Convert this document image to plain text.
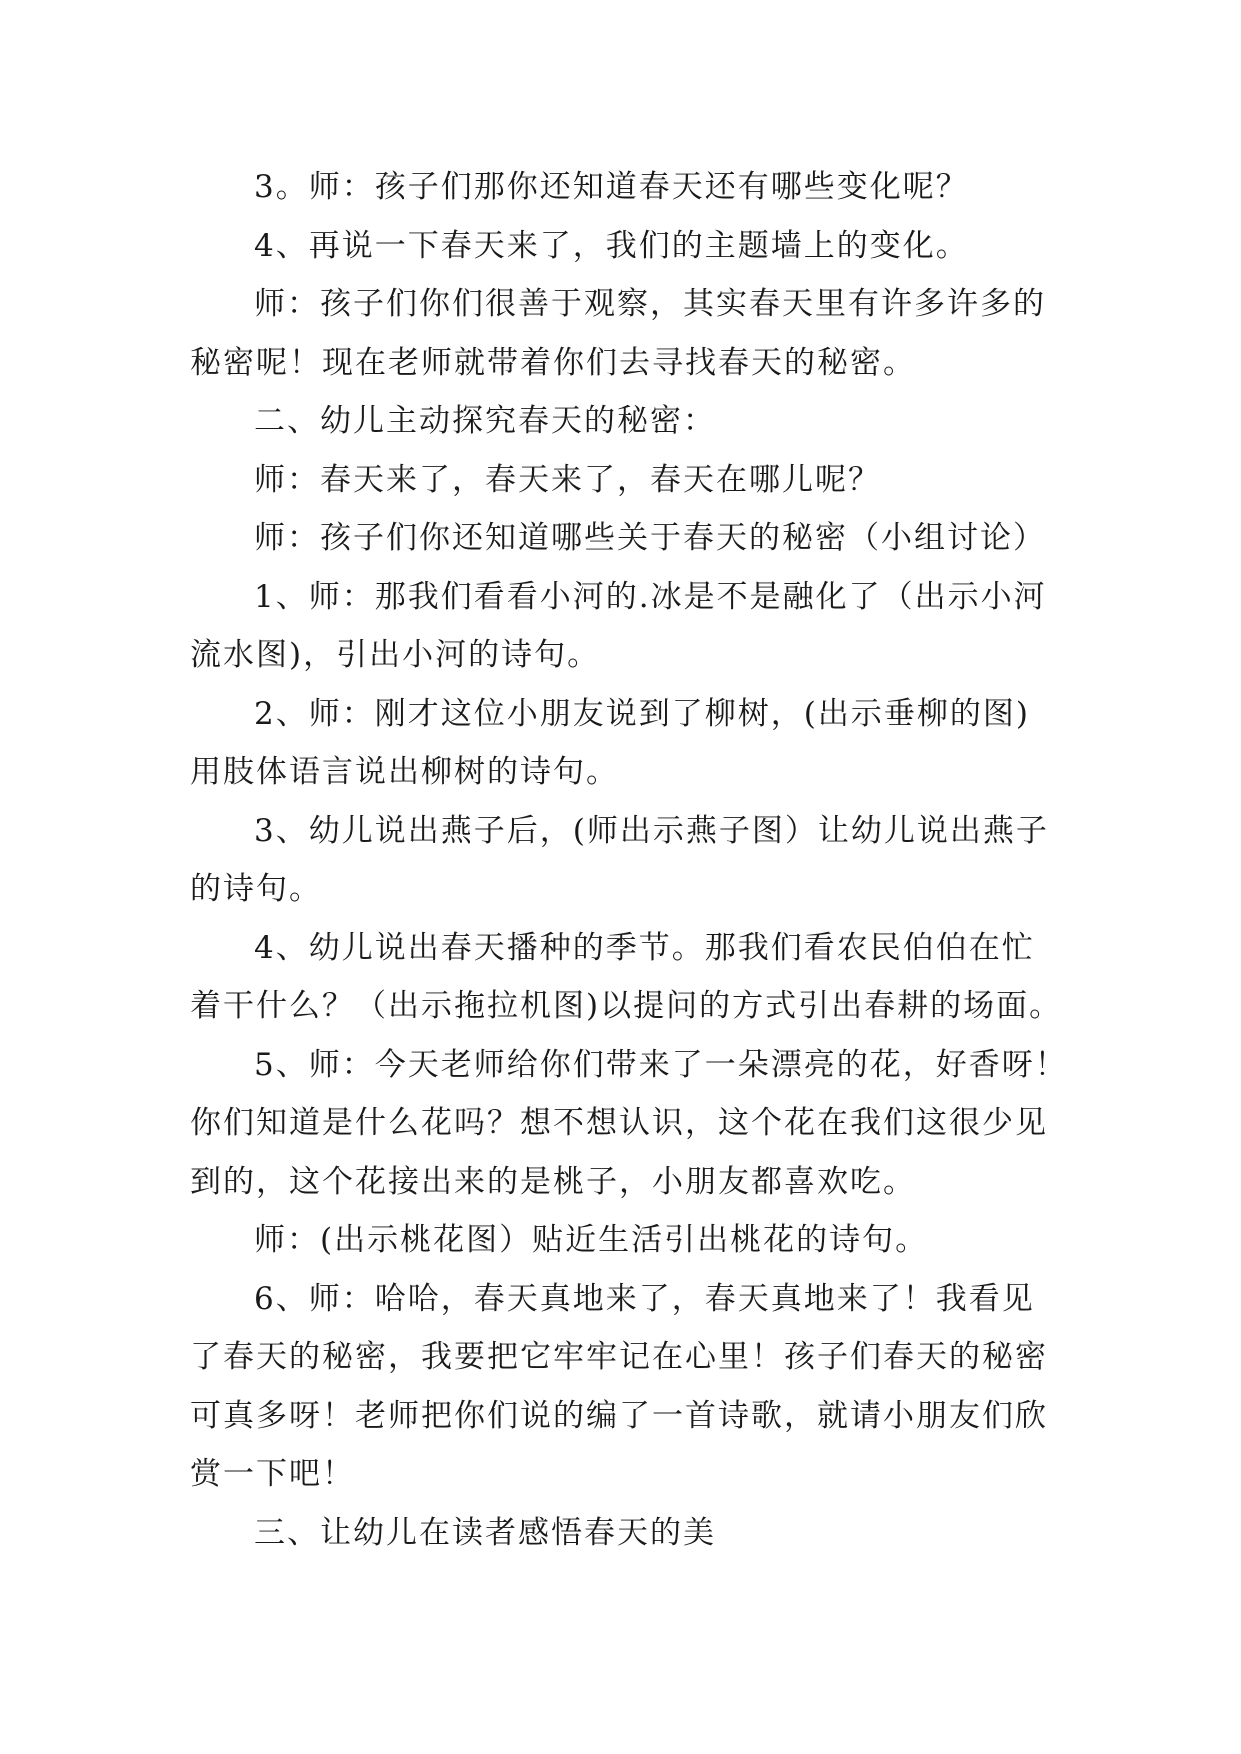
3。师：孩子们那你还知道春天还有哪些变化呢？
4、再说一下春天来了，我们的主题墙上的变化。
师：孩子们你们很善于观察，其实春天里有许多许多的
秘密呢！现在老师就带着你们去寻找春天的秘密。
二、幼儿主动探究春天的秘密：
师：春天来了，春天来了，春天在哪儿呢？
师：孩子们你还知道哪些关于春天的秘密（小组讨论）
1、师：那我们看看小河的.冰是不是融化了（出示小河
流水图)，引出小河的诗句。
2、师：刚才这位小朋友说到了柳树，(出示垂柳的图)
用肢体语言说出柳树的诗句。
3、幼儿说出燕子后，(师出示燕子图）让幼儿说出燕子
的诗句。
4、幼儿说出春天播种的季节。那我们看农民伯伯在忙
着干什么？（出示拖拉机图)以提问的方式引出春耕的场面。
5、师：今天老师给你们带来了一朵漂亮的花，好香呀！
你们知道是什么花吗？想不想认识，这个花在我们这很少见
到的，这个花接出来的是桃子，小朋友都喜欢吃。
师：(出示桃花图）贴近生活引出桃花的诗句。
6、师：哈哈，春天真地来了，春天真地来了！我看见
了春天的秘密，我要把它牢牢记在心里！孩子们春天的秘密
可真多呀！老师把你们说的编了一首诗歌，就请小朋友们欣
赏一下吧！
三、让幼儿在读者感悟春天的美
